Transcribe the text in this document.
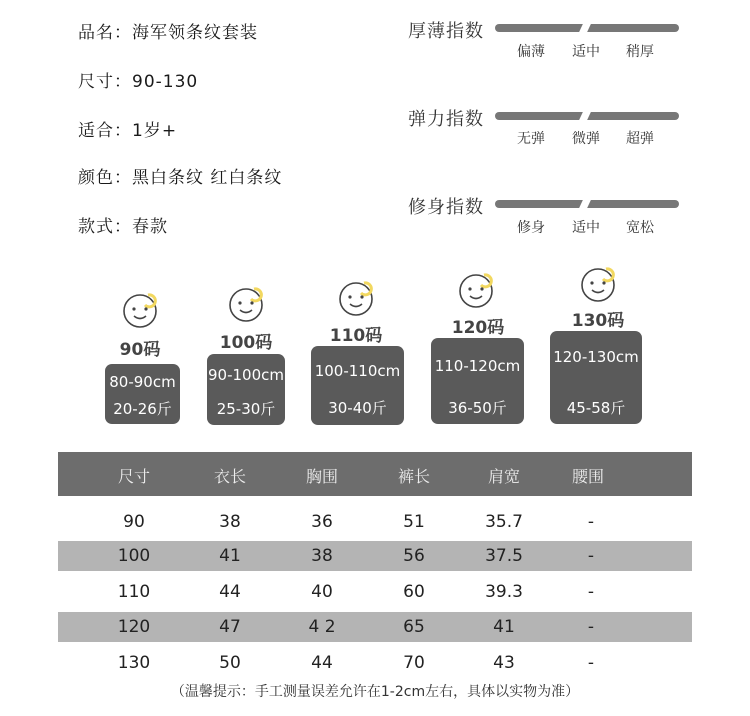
品名：海军领条纹套装
尺寸：90-130
适合：1岁+
颜色：黑白条纹 红白条纹
款式：春款
厚薄指数
偏薄 适中 稍厚
弹力指数
无弹 微弹 超弹
修身指数
修身 适中 宽松
90码
80-90cm
20-26斤
100码
90-100cm
25-30斤
110码
100-110cm
30-40斤
120码
110-120cm
36-50斤
130码
120-130cm
45-58斤
尺寸	衣长	胸围	裤长	肩宽	腰围
90	38	36	51	35.7	-
100	41	38	56	37.5	-
110	44	40	60	39.3	-
120	47	4 2	65	41	-
130	50	44	70	43	-
（温馨提示：手工测量误差允许在1-2cm左右，具体以实物为准）
